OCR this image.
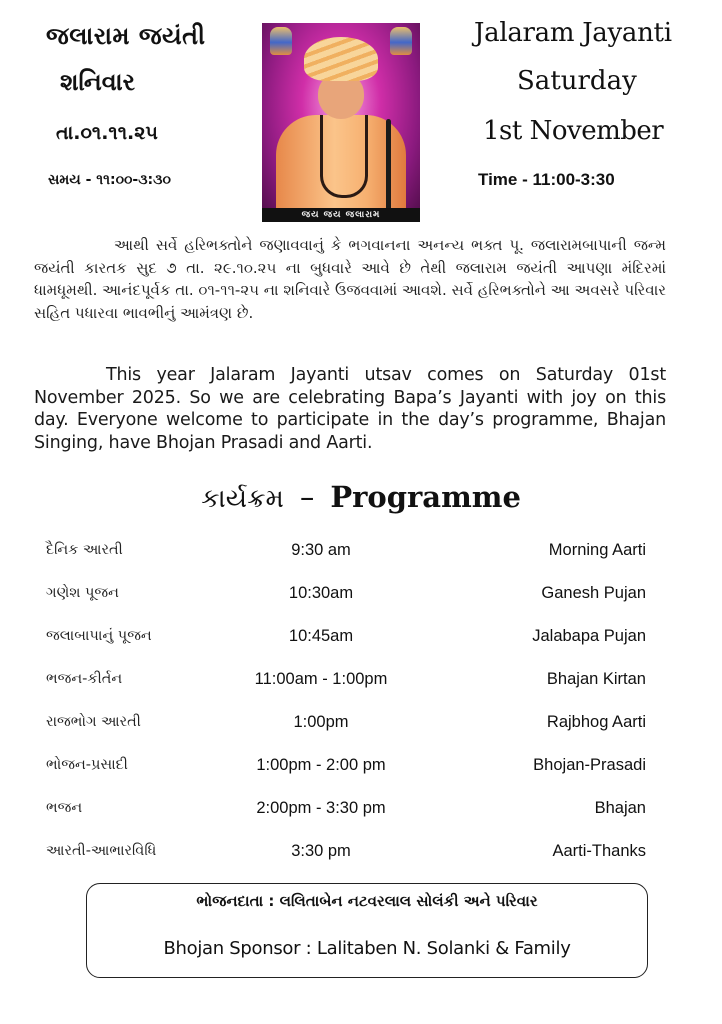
જલારામ જયંતી
શનિવાર
તા.૦૧.૧૧.૨૫
સમય - ૧૧:૦૦-૩:૩૦
જય જય જલારામ
Jalaram Jayanti
Saturday
1st November
Time - 11:00-3:30
આથી સર્વે હરિભક્તોને જણાવવાનું કે ભગવાનના અનન્ય ભક્ત પૂ. જલારામબાપાની જન્મ જયંતી કારતક સુદ ૭ તા. ૨૯.૧૦.૨૫ ના બુધવારે આવે છે તેથી જલારામ જયંતી આપણા મંદિરમાં ધામધૂમથી. આનંદપૂર્વક તા. ૦૧-૧૧-૨૫ ના શનિવારે ઉજવવામાં આવશે. સર્વે હરિભક્તોને આ અવસરે પરિવાર સહિત પધારવા ભાવભીનું આમંત્રણ છે.
This year Jalaram Jayanti utsav comes on Saturday 01st November 2025. So we are celebrating Bapa’s Jayanti with joy on this day. Everyone welcome to participate in the day’s programme, Bhajan Singing, have Bhojan Prasadi and Aarti.
કાર્યક્રમ – Programme
દૈનિક આરતી	9:30 am	Morning Aarti
ગણેશ પૂજન	10:30am	Ganesh Pujan
જલાબાપાનું પૂજન	10:45am	Jalabapa Pujan
ભજન-કીર્તન	11:00am - 1:00pm	Bhajan Kirtan
રાજભોગ આરતી	1:00pm	Rajbhog Aarti
ભોજન-પ્રસાદી	1:00pm - 2:00 pm	Bhojan-Prasadi
ભજન	2:00pm - 3:30 pm	Bhajan
આરતી-આભારવિધિ	3:30 pm	Aarti-Thanks
ભોજનદાતા : લલિતાબેન નટવરલાલ સોલંકી અને પરિવાર
Bhojan Sponsor : Lalitaben N. Solanki & Family
